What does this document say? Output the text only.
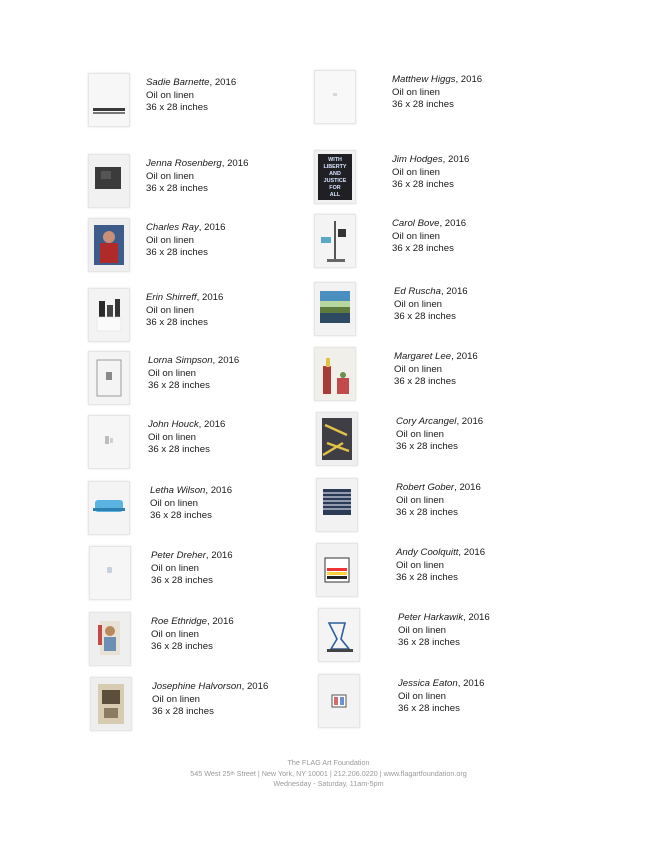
Sadie Barnette, 2016
Oil on linen
36 x 28 inches
Matthew Higgs, 2016
Oil on linen
36 x 28 inches
Jenna Rosenberg, 2016
Oil on linen
36 x 28 inches
WITH
LIBERTY
AND
JUSTICE
FOR
ALL
Jim Hodges, 2016
Oil on linen
36 x 28 inches
Charles Ray, 2016
Oil on linen
36 x 28 inches
Carol Bove, 2016
Oil on linen
36 x 28 inches
Erin Shirreff, 2016
Oil on linen
36 x 28 inches
Ed Ruscha, 2016
Oil on linen
36 x 28 inches
Lorna Simpson, 2016
Oil on linen
36 x 28 inches
Margaret Lee, 2016
Oil on linen
36 x 28 inches
John Houck, 2016
Oil on linen
36 x 28 inches
Cory Arcangel, 2016
Oil on linen
36 x 28 inches
Letha Wilson, 2016
Oil on linen
36 x 28 inches
Robert Gober, 2016
Oil on linen
36 x 28 inches
Peter Dreher, 2016
Oil on linen
36 x 28 inches
Andy Coolquitt, 2016
Oil on linen
36 x 28 inches
Roe Ethridge, 2016
Oil on linen
36 x 28 inches
Peter Harkawik, 2016
Oil on linen
36 x 28 inches
Josephine Halvorson, 2016
Oil on linen
36 x 28 inches
Jessica Eaton, 2016
Oil on linen
36 x 28 inches
The FLAG Art Foundation
545 West 25th Street | New York, NY 10001 | 212.206.0220 | www.flagartfoundation.org
Wednesday - Saturday, 11am-5pm
